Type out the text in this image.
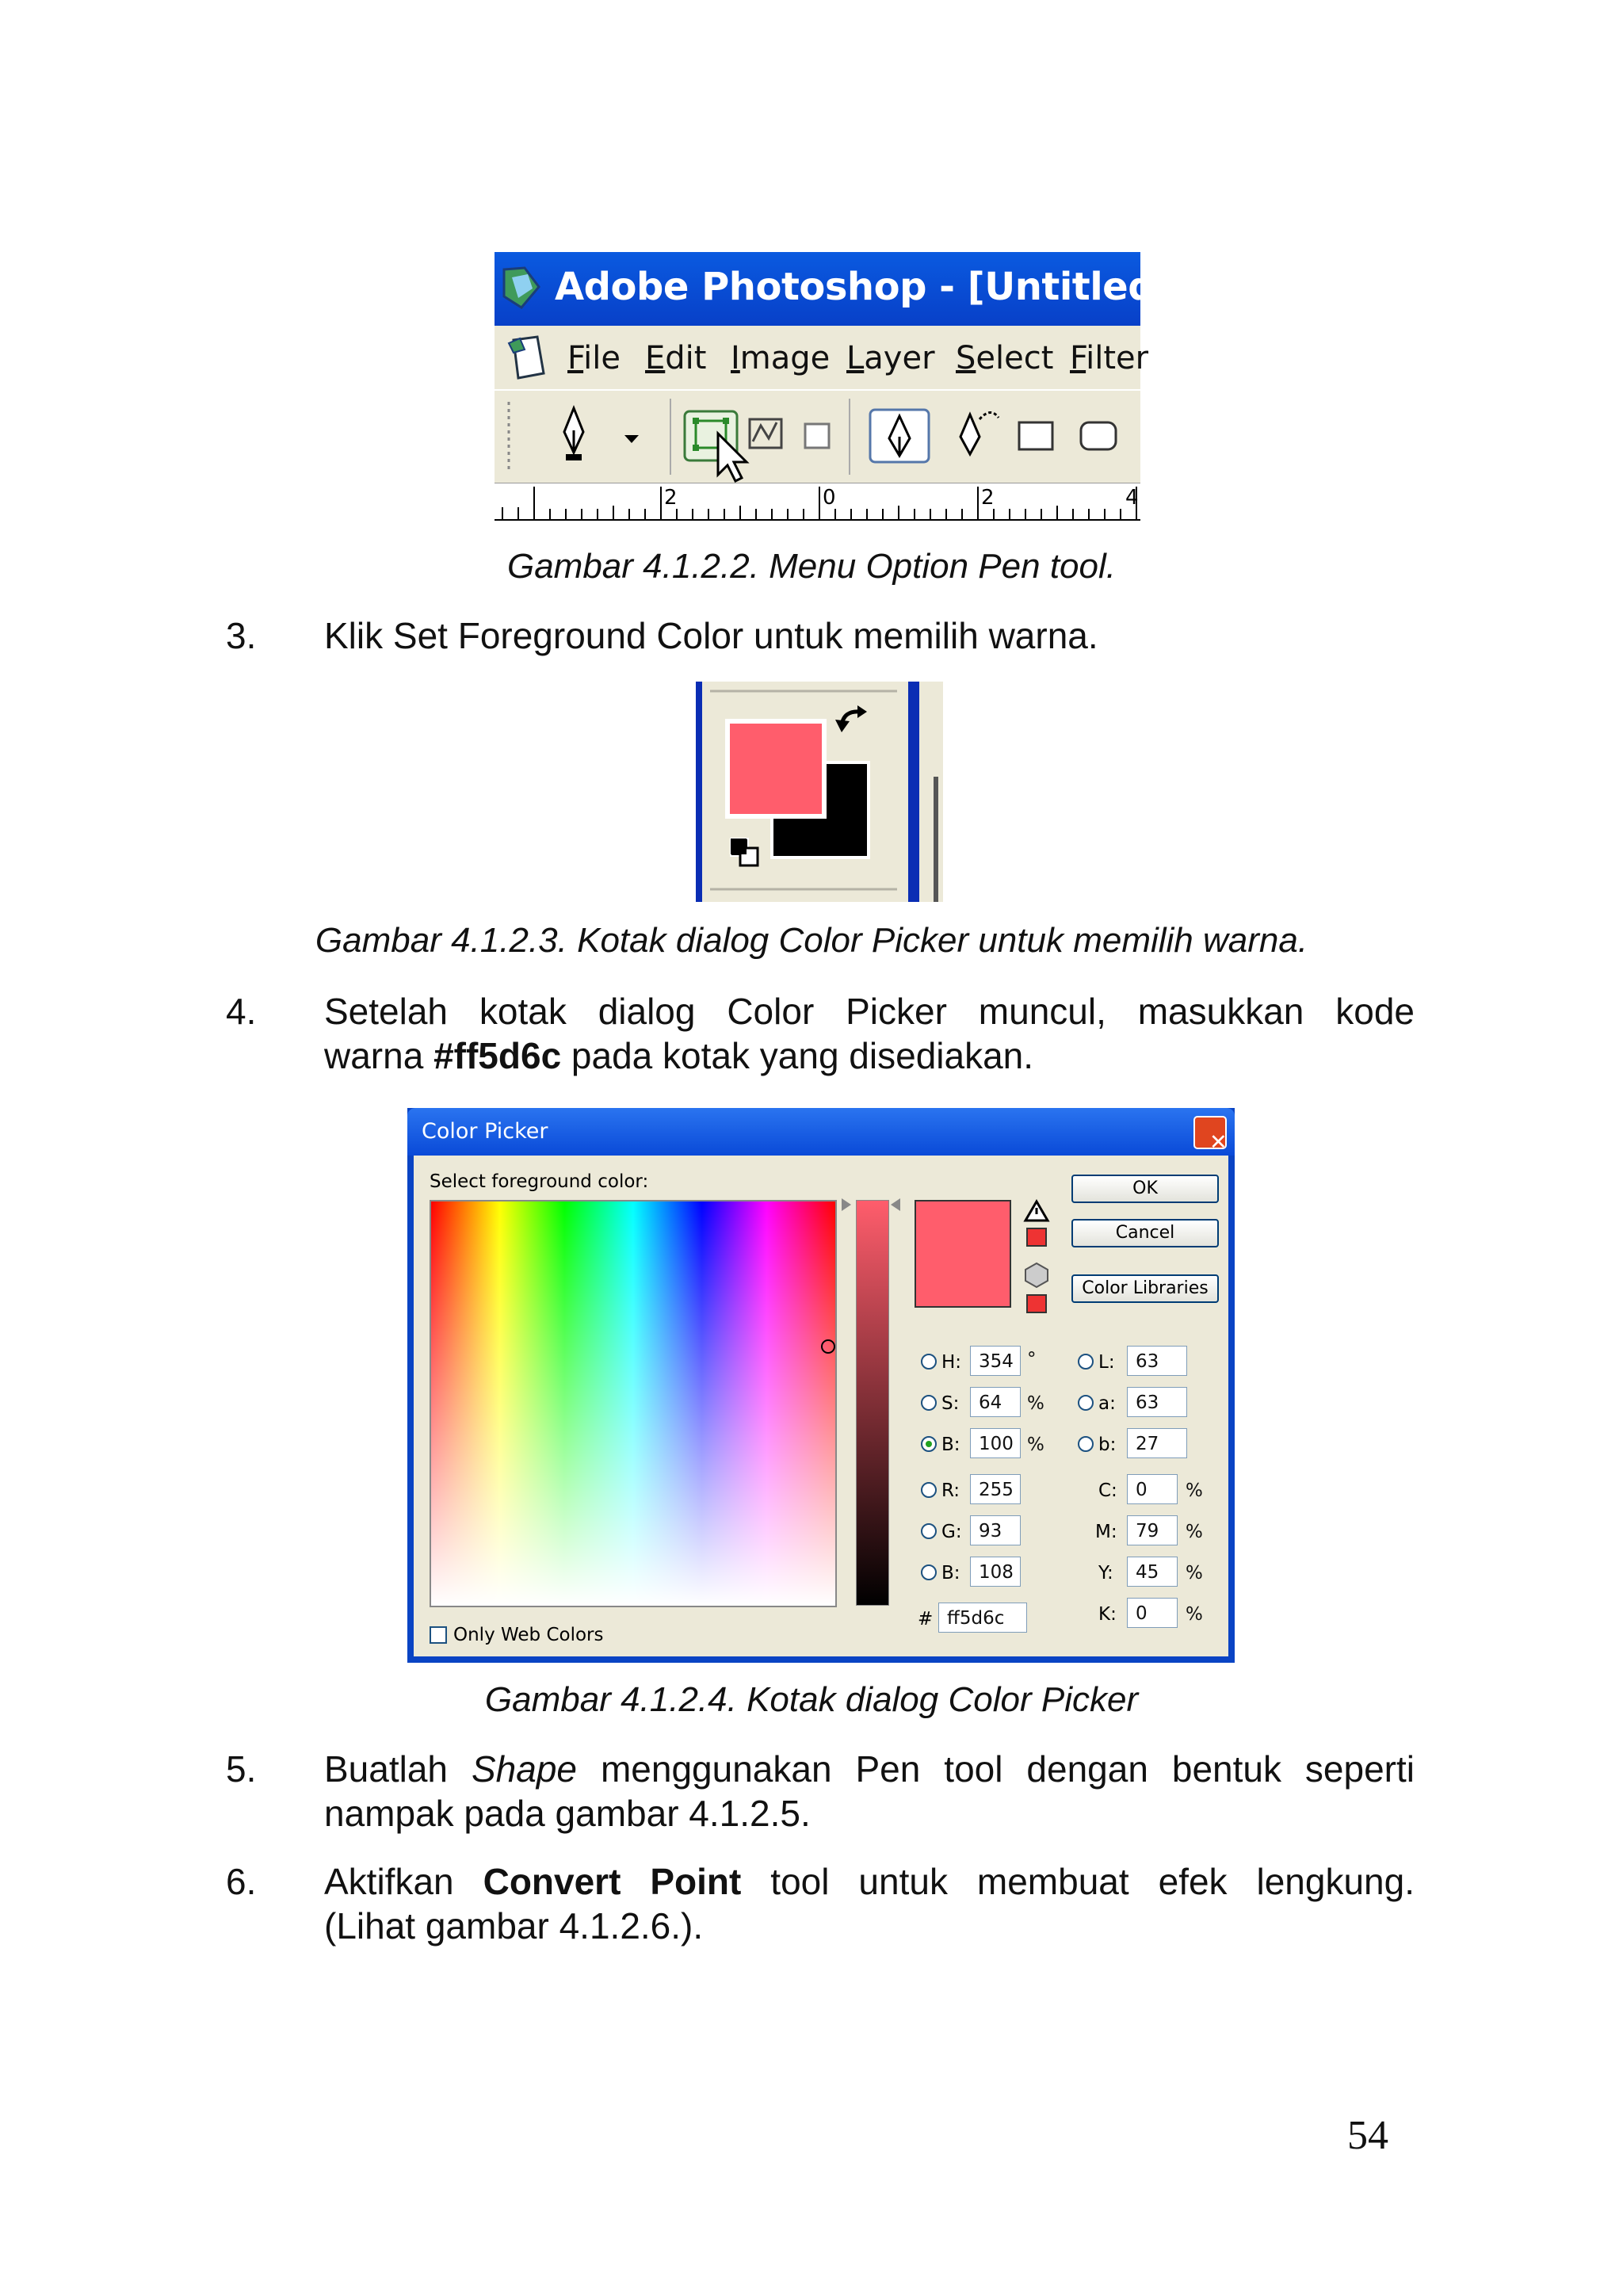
Adobe Photoshop - [Untitled-1 @ 1
File Edit Image Layer Select Filter
2	0	2	4
Gambar 4.1.2.2. Menu Option Pen tool.
3. Klik Set Foreground Color untuk memilih warna.
Gambar 4.1.2.3. Kotak dialog Color Picker untuk memilih warna.
4. Setelah kotak dialog Color Picker muncul, masukkan kode
warna #ff5d6c pada kotak yang disediakan.
Color Picker	✕
Select foreground color:	OK
Cancel
Color Libraries
H: 354 °
S:	64	%
B:	100 %
L:	63
a:	63
b:	27
R:	255
G: 93
B:	108
C:	0	%
M:	79	%
Y:	45	%
K:	0	%
# ff5d6c
Only Web Colors
Gambar 4.1.2.4. Kotak dialog Color Picker
5. Buatlah Shape menggunakan Pen tool dengan bentuk seperti
nampak pada gambar 4.1.2.5.
6. Aktifkan Convert Point tool untuk membuat efek lengkung.
(Lihat gambar 4.1.2.6.).
54
